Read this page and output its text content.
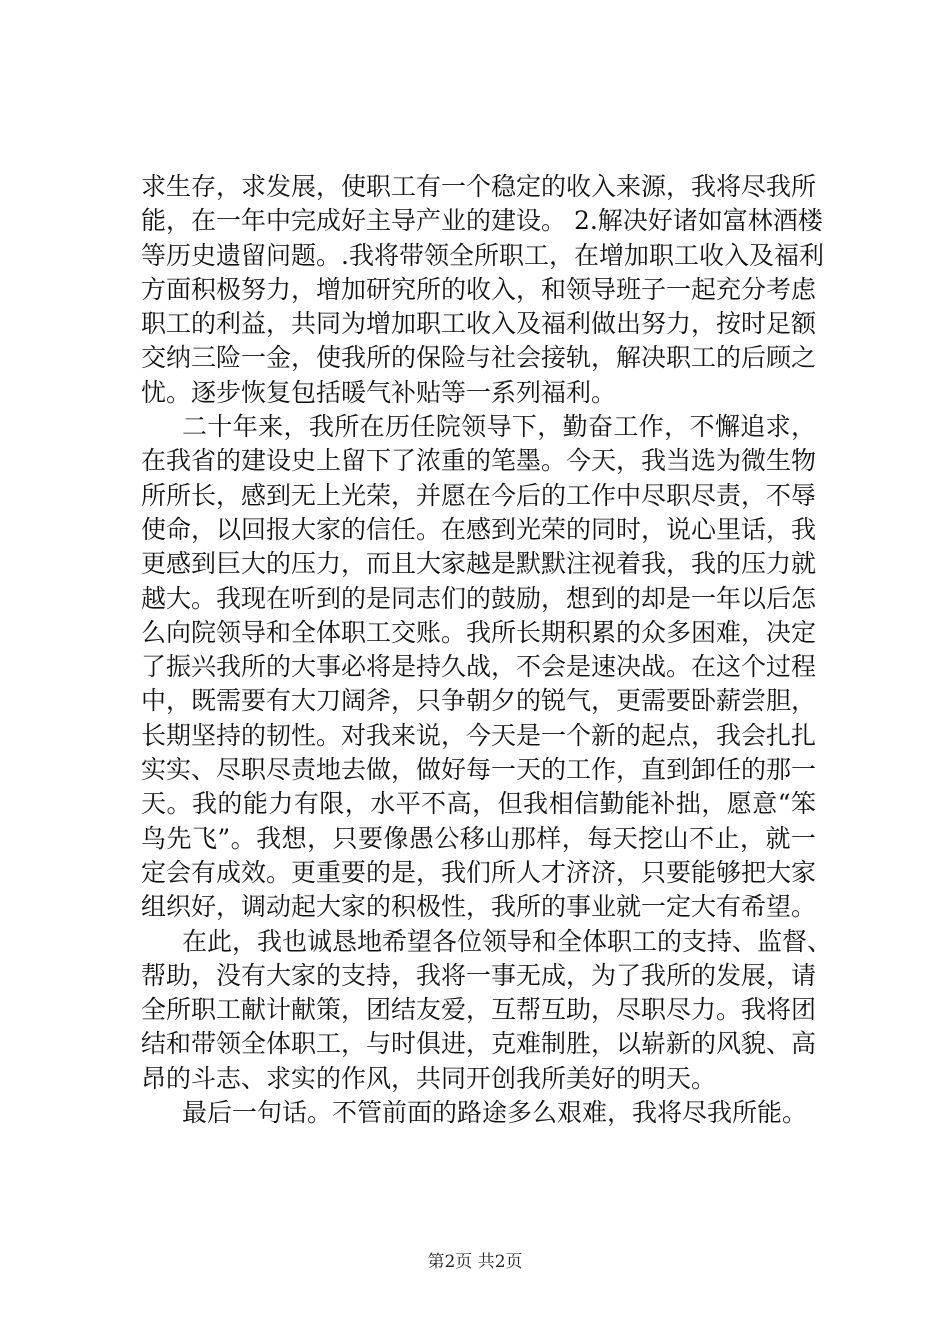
求生存，求发展，使职工有一个稳定的收入来源，我将尽我所
能，在一年中完成好主导产业的建设。 2.解决好诸如富林酒楼
等历史遗留问题。.我将带领全所职工，在增加职工收入及福利
方面积极努力，增加研究所的收入，和领导班子一起充分考虑
职工的利益，共同为增加职工收入及福利做出努力，按时足额
交纳三险一金，使我所的保险与社会接轨，解决职工的后顾之
忧。逐步恢复包括暖气补贴等一系列福利。
二十年来，我所在历任院领导下，勤奋工作，不懈追求，
在我省的建设史上留下了浓重的笔墨。今天，我当选为微生物
所所长，感到无上光荣，并愿在今后的工作中尽职尽责，不辱
使命，以回报大家的信任。在感到光荣的同时，说心里话，我
更感到巨大的压力，而且大家越是默默注视着我，我的压力就
越大。我现在听到的是同志们的鼓励，想到的却是一年以后怎
么向院领导和全体职工交账。我所长期积累的众多困难，决定
了振兴我所的大事必将是持久战，不会是速决战。在这个过程
中，既需要有大刀阔斧，只争朝夕的锐气，更需要卧薪尝胆，
长期坚持的韧性。对我来说，今天是一个新的起点，我会扎扎
实实、尽职尽责地去做，做好每一天的工作，直到卸任的那一
天。我的能力有限，水平不高，但我相信勤能补拙，愿意“笨
鸟先飞”。我想，只要像愚公移山那样，每天挖山不止，就一
定会有成效。更重要的是，我们所人才济济，只要能够把大家
组织好，调动起大家的积极性，我所的事业就一定大有希望。
在此，我也诚恳地希望各位领导和全体职工的支持、监督、
帮助，没有大家的支持，我将一事无成，为了我所的发展，请
全所职工献计献策，团结友爱，互帮互助，尽职尽力。我将团
结和带领全体职工，与时俱进，克难制胜，以崭新的风貌、高
昂的斗志、求实的作风，共同开创我所美好的明天。
最后一句话。不管前面的路途多么艰难，我将尽我所能。
第2页 共2页
